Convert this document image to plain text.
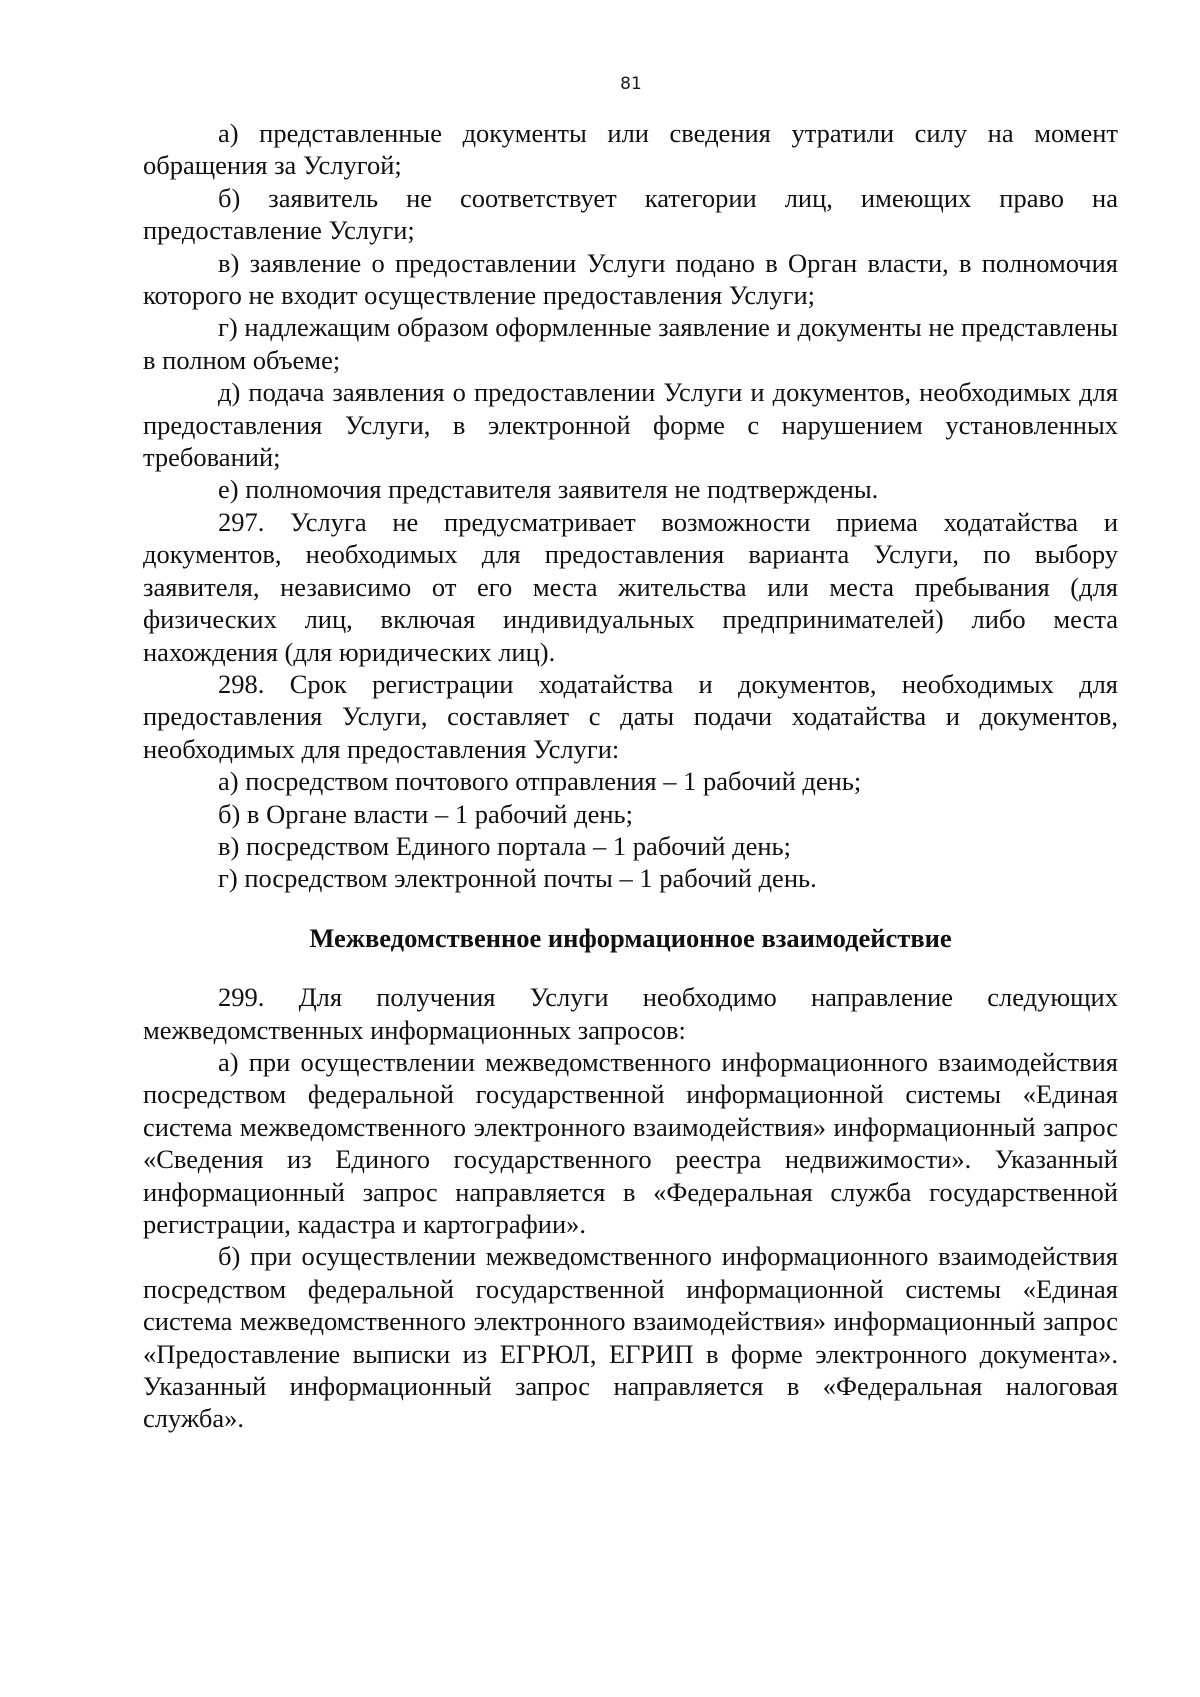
81

а) представленные документы или сведения утратили силу на момент обращения за Услугой;

б) заявитель не соответствует категории лиц, имеющих право на предоставление Услуги;

в) заявление о предоставлении Услуги подано в Орган власти, в полномочия которого не входит осуществление предоставления Услуги;

г) надлежащим образом оформленные заявление и документы не представлены в полном объеме;

д) подача заявления о предоставлении Услуги и документов, необходимых для предоставления Услуги, в электронной форме с нарушением установленных требований;

е) полномочия представителя заявителя не подтверждены.

297. Услуга не предусматривает возможности приема ходатайства и документов, необходимых для предоставления варианта Услуги, по выбору заявителя, независимо от его места жительства или места пребывания (для физических лиц, включая индивидуальных предпринимателей) либо места нахождения (для юридических лиц).

298. Срок регистрации ходатайства и документов, необходимых для предоставления Услуги, составляет с даты подачи ходатайства и документов, необходимых для предоставления Услуги:

а) посредством почтового отправления – 1 рабочий день;

б) в Органе власти – 1 рабочий день;

в) посредством Единого портала – 1 рабочий день;

г) посредством электронной почты – 1 рабочий день.

Межведомственное информационное взаимодействие

299. Для получения Услуги необходимо направление следующих межведомственных информационных запросов:

а) при осуществлении межведомственного информационного взаимодействия посредством федеральной государственной информационной системы «Единая система межведомственного электронного взаимодействия» информационный запрос «Сведения из Единого государственного реестра недвижимости». Указанный информационный запрос направляется в «Федеральная служба государственной регистрации, кадастра и картографии».

б) при осуществлении межведомственного информационного взаимодействия посредством федеральной государственной информационной системы «Единая система межведомственного электронного взаимодействия» информационный запрос «Предоставление выписки из ЕГРЮЛ, ЕГРИП в форме электронного документа». Указанный информационный запрос направляется в «Федеральная налоговая служба».
